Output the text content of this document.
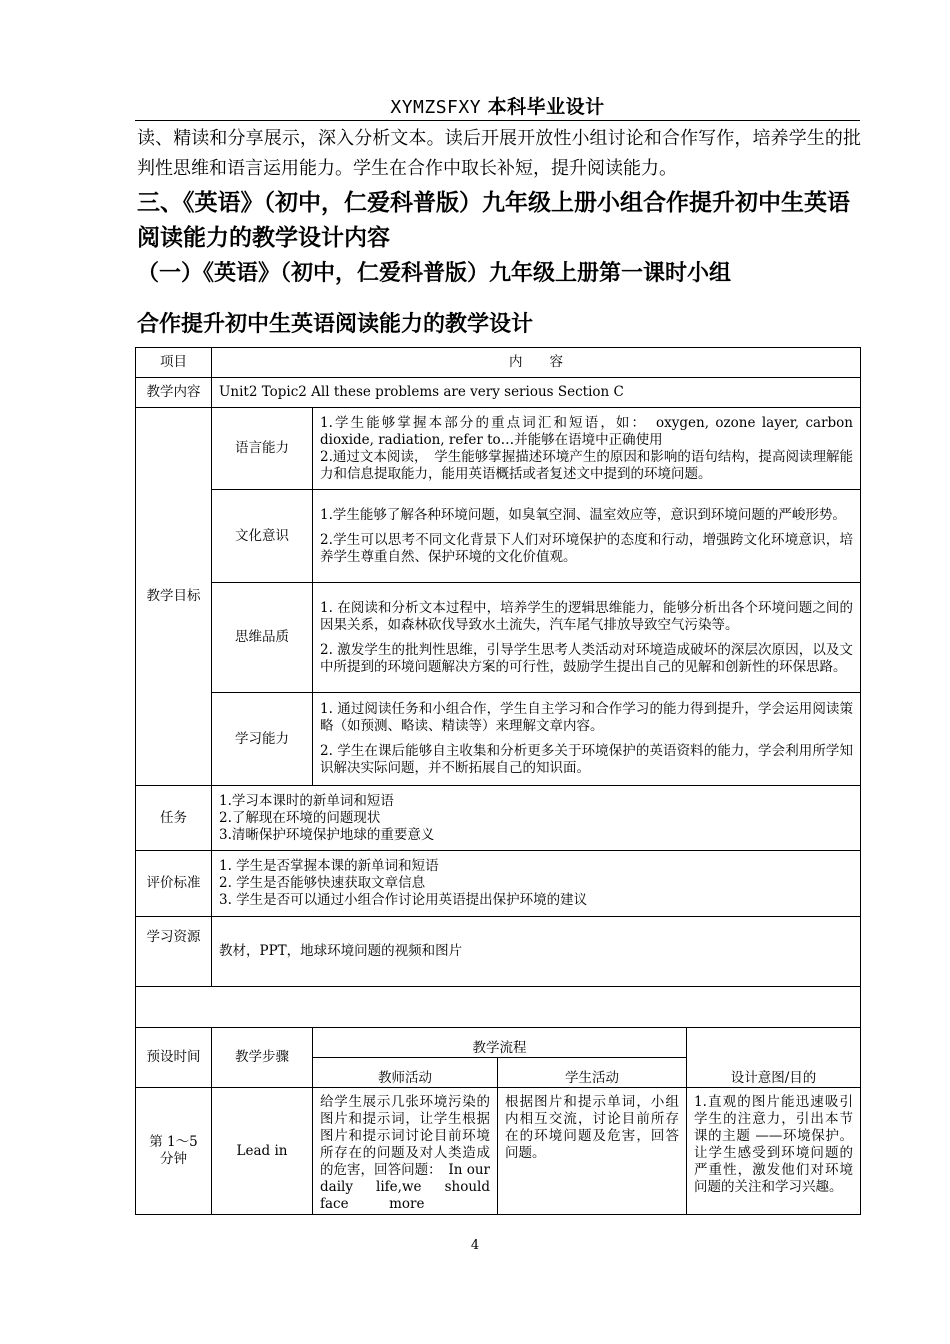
XYMZSFXY 本科毕业设计

读、精读和分享展示，深入分析文本。读后开展开放性小组讨论和合作写作，培养学生的批判性思维和语言运用能力。学生在合作中取长补短，提升阅读能力。

三、《英语》（初中，仁爱科普版）九年级上册小组合作提升初中生英语阅读能力的教学设计内容
（一）《英语》（初中，仁爱科普版）九年级上册第一课时小组
合作提升初中生英语阅读能力的教学设计
项目	内　　容			
教学内容	Unit2 Topic2 All these problems are very serious Section C			
教学目标	语言能力	1.学生能够掌握本部分的重点词汇和短语，如：　oxygen, ozone layer, carbon dioxide, radiation, refer to…并能够在语境中正确使用
2.通过文本阅读，　学生能够掌握描述环境产生的原因和影响的语句结构，提高阅读理解能力和信息提取能力，能用英语概括或者复述文中提到的环境问题。		

	文化意识	1.学生能够了解各种环境问题，如臭氧空洞、温室效应等，意识到环境问题的严峻形势。
2.学生可以思考不同文化背景下人们对环境保护的态度和行动，增强跨文化环境意识，培养学生尊重自然、保护环境的文化价值观。		

	思维品质	1. 在阅读和分析文本过程中，培养学生的逻辑思维能力，能够分析出各个环境问题之间的因果关系，如森林砍伐导致水土流失，汽车尾气排放导致空气污染等。
2. 激发学生的批判性思维，引导学生思考人类活动对环境造成破坏的深层次原因，以及文中所提到的环境问题解决方案的可行性，鼓励学生提出自己的见解和创新性的环保思路。		

	学习能力	1. 通过阅读任务和小组合作，学生自主学习和合作学习的能力得到提升，学会运用阅读策略（如预测、略读、精读等）来理解文章内容。
2. 学生在课后能够自主收集和分析更多关于环境保护的英语资料的能力，学会利用所学知识解决实际问题，并不断拓展自己的知识面。		

任务	1.学习本课时的新单词和短语
2.了解现在环境的问题现状
3.清晰保护环境保护地球的重要意义			

评价标准	1. 学生是否掌握本课的新单词和短语
2. 学生是否能够快速获取文章信息
3. 学生是否可以通过小组合作讨论用英语提出保护环境的建议			

学习资源	教材，PPT，地球环境问题的视频和图片			

预设时间	教学步骤	教学流程		设计意图/目的
		教师活动	学生活动	
第 1～5 分钟	Lead in	给学生展示几张环境污染的图片和提示词，让学生根据图片和提示词讨论目前环境所存在的问题及对人类造成的危害，回答问题：　In our daily life,we should　　　face　　　more	根据图片和提示单词，小组内相互交流，讨论目前所存在的环境问题及危害，回答问题。	1.直观的图片能迅速吸引学生的注意力，引出本节课的主题 ——环境保护。让学生感受到环境问题的严重性，激发他们对环境问题的关注和学习兴趣。
4
